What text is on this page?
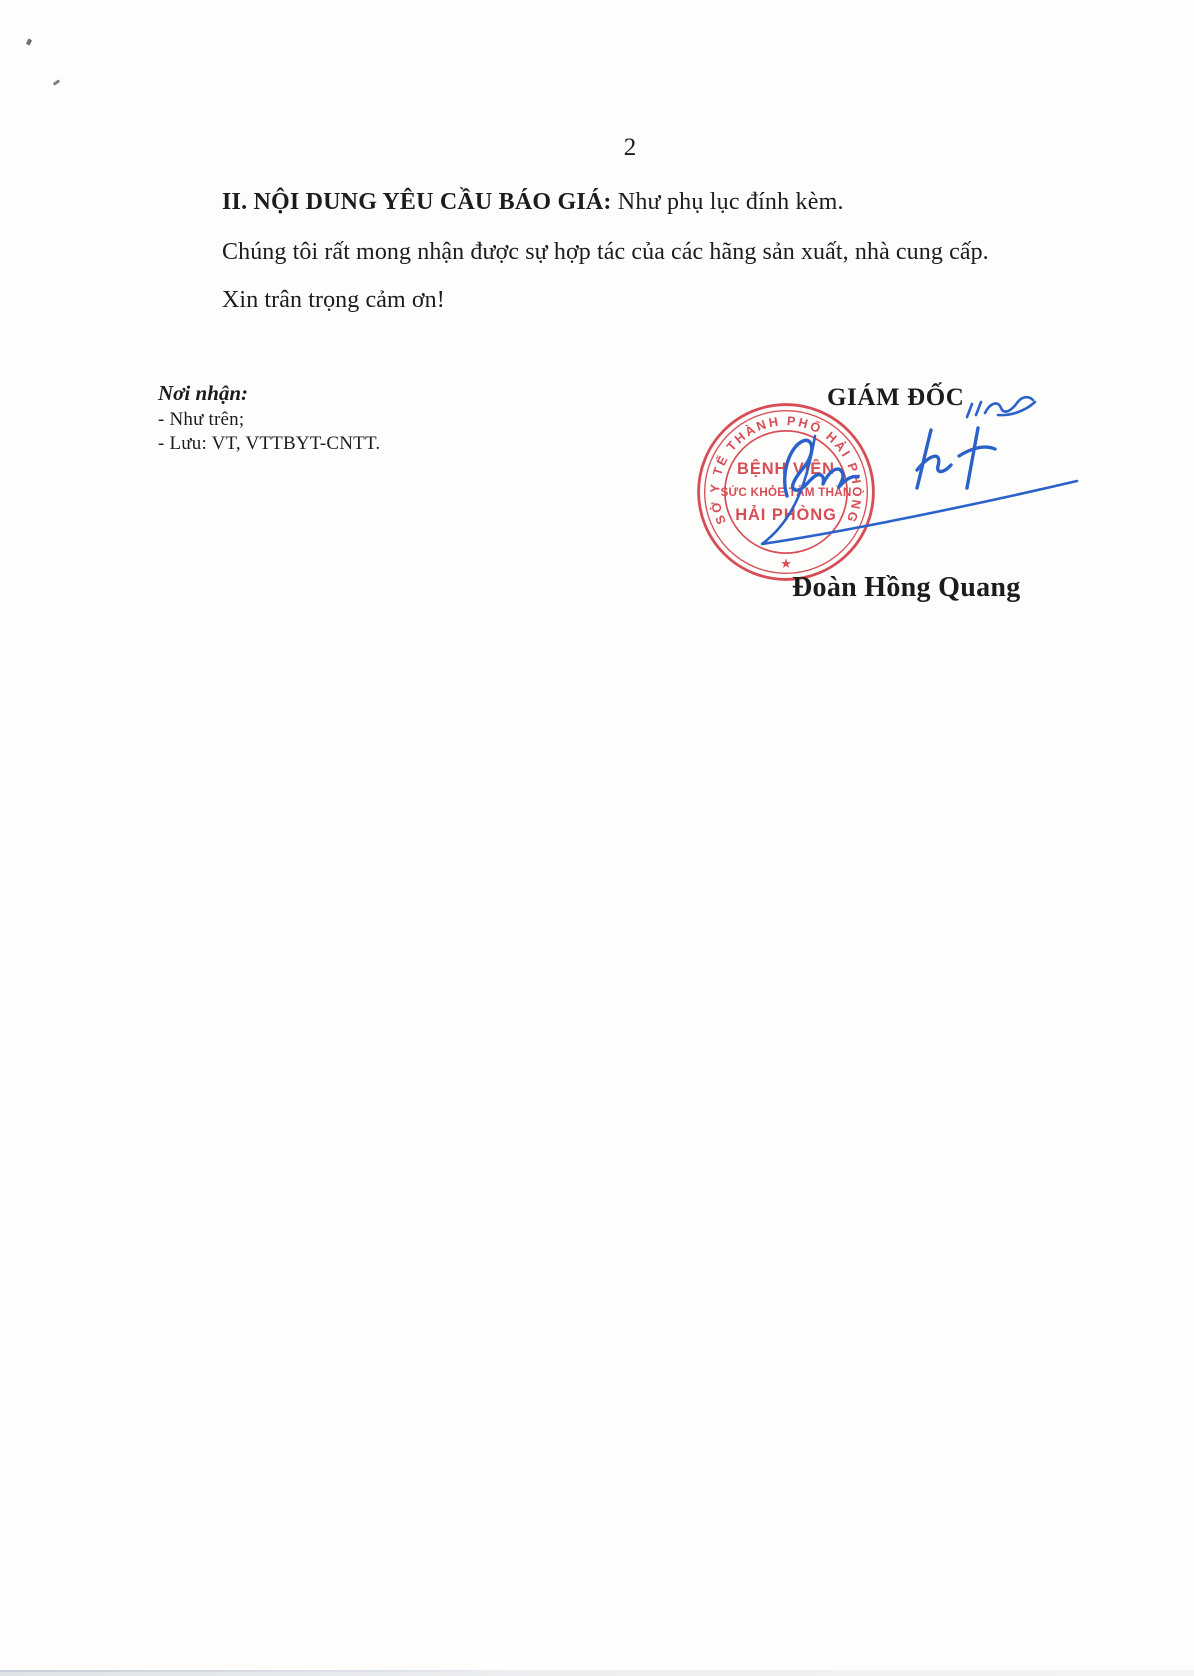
2
II. NỘI DUNG YÊU CẦU BÁO GIÁ: Như phụ lục đính kèm.
Chúng tôi rất mong nhận được sự hợp tác của các hãng sản xuất, nhà cung cấp.
Xin trân trọng cảm ơn!
Nơi nhận:
- Như trên;
- Lưu: VT, VTTBYT-CNTT.
GIÁM ĐỐC
SỞ Y TẾ THÀNH PHỐ HẢI PHÒNG
BỆNH VIỆN
SỨC KHỎE TÂM THẦN
HẢI PHÒNG
★
Đoàn Hồng Quang
